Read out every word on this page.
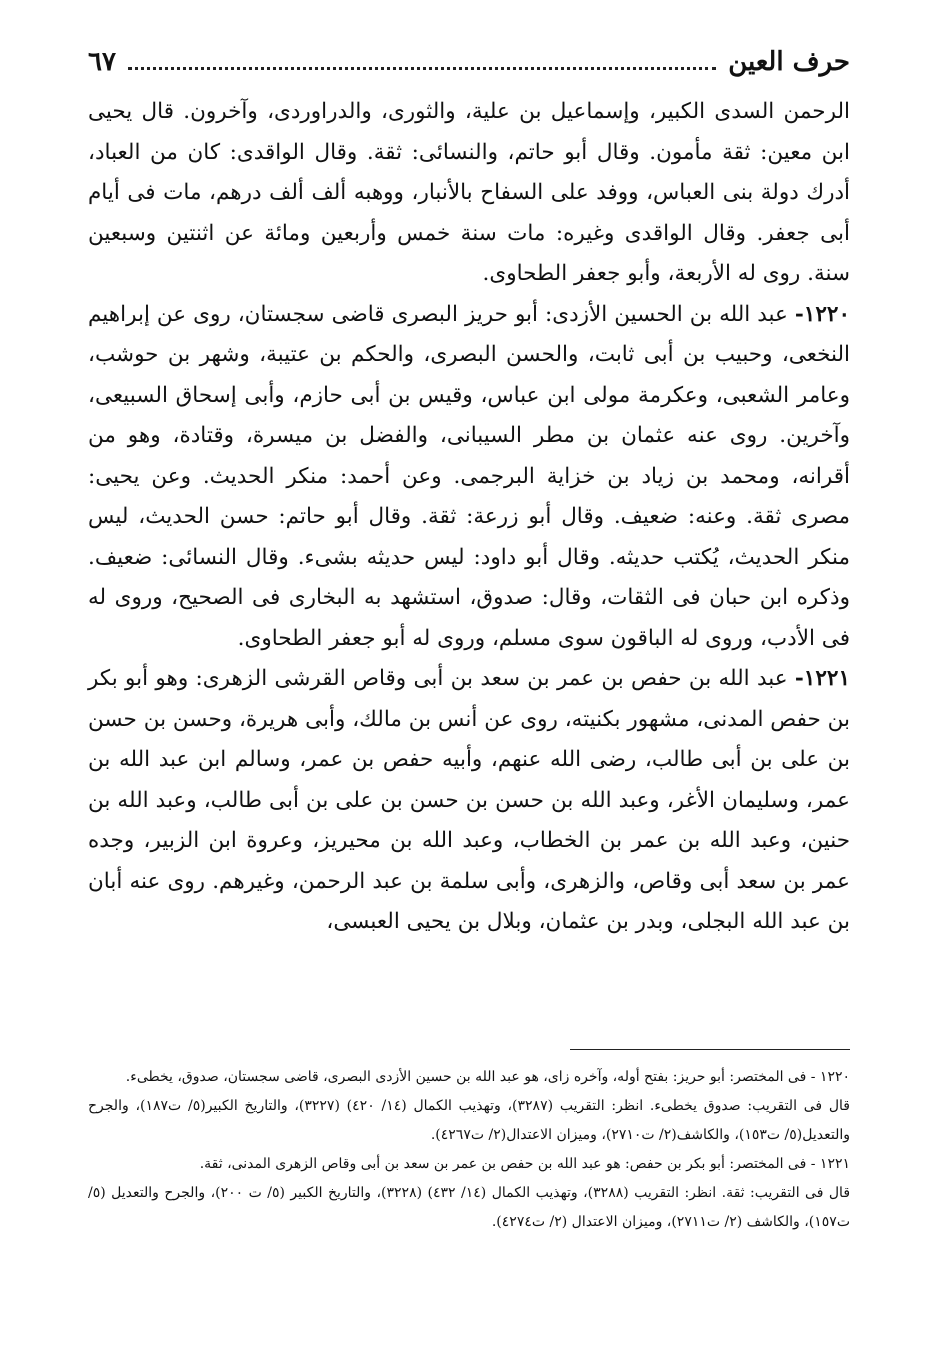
حرف العين
٦٧

الرحمن السدى الكبير، وإسماعيل بن علية، والثورى، والدراوردى، وآخرون. قال يحيى ابن معين: ثقة مأمون. وقال أبو حاتم، والنسائى: ثقة. وقال الواقدى: كان من العباد، أدرك دولة بنى العباس، ووفد على السفاح بالأنبار، ووهبه ألف ألف درهم، مات فى أيام أبى جعفر. وقال الواقدى وغيره: مات سنة خمس وأربعين ومائة عن اثنتين وسبعين سنة. روى له الأربعة، وأبو جعفر الطحاوى.

١٢٢٠- عبد الله بن الحسين الأزدى: أبو حريز البصرى قاضى سجستان، روى عن إبراهيم النخعى، وحبيب بن أبى ثابت، والحسن البصرى، والحكم بن عتيبة، وشهر بن حوشب، وعامر الشعبى، وعكرمة مولى ابن عباس، وقيس بن أبى حازم، وأبى إسحاق السبيعى، وآخرين. روى عنه عثمان بن مطر السيبانى، والفضل بن ميسرة، وقتادة، وهو من أقرانه، ومحمد بن زياد بن خزاية البرجمى. وعن أحمد: منكر الحديث. وعن يحيى: مصرى ثقة. وعنه: ضعيف. وقال أبو زرعة: ثقة. وقال أبو حاتم: حسن الحديث، ليس منكر الحديث، يُكتب حديثه. وقال أبو داود: ليس حديثه بشىء. وقال النسائى: ضعيف. وذكره ابن حبان فى الثقات، وقال: صدوق، استشهد به البخارى فى الصحيح، وروى له فى الأدب، وروى له الباقون سوى مسلم، وروى له أبو جعفر الطحاوى.

١٢٢١- عبد الله بن حفص بن عمر بن سعد بن أبى وقاص القرشى الزهرى: وهو أبو بكر بن حفص المدنى، مشهور بكنيته، روى عن أنس بن مالك، وأبى هريرة، وحسن بن حسن بن على بن أبى طالب، رضى الله عنهم، وأبيه حفص بن عمر، وسالم ابن عبد الله بن عمر، وسليمان الأغر، وعبد الله بن حسن بن حسن بن على بن أبى طالب، وعبد الله بن حنين، وعبد الله بن عمر بن الخطاب، وعبد الله بن محيريز، وعروة ابن الزبير، وجده عمر بن سعد أبى وقاص، والزهرى، وأبى سلمة بن عبد الرحمن، وغيرهم. روى عنه أبان بن عبد الله البجلى، وبدر بن عثمان، وبلال بن يحيى العبسى،

١٢٢٠ - فى المختصر: أبو حريز: بفتح أوله، وآخره زاى، هو عبد الله بن حسين الأزدى البصرى، قاضى سجستان، صدوق، يخطىء.

قال فى التقريب: صدوق يخطىء. انظر: التقريب (٣٢٨٧)، وتهذيب الكمال (١٤/ ٤٢٠) (٣٢٢٧)، والتاريخ الكبير(٥/ ت١٨٧)، والجرح والتعديل(٥/ ت١٥٣)، والكاشف(٢/ ت٢٧١٠)، وميزان الاعتدال(٢/ ت٤٢٦٧).

١٢٢١ - فى المختصر: أبو بكر بن حفص: هو عبد الله بن حفص بن عمر بن سعد بن أبى وقاص الزهرى المدنى، ثقة.

قال فى التقريب: ثقة. انظر: التقريب (٣٢٨٨)، وتهذيب الكمال (١٤/ ٤٣٢) (٣٢٢٨)، والتاريخ الكبير (٥/ ت ٢٠٠)، والجرح والتعديل (٥/ ت١٥٧)، والكاشف (٢/ ت٢٧١١)، وميزان الاعتدال (٢/ ت٤٢٧٤).
